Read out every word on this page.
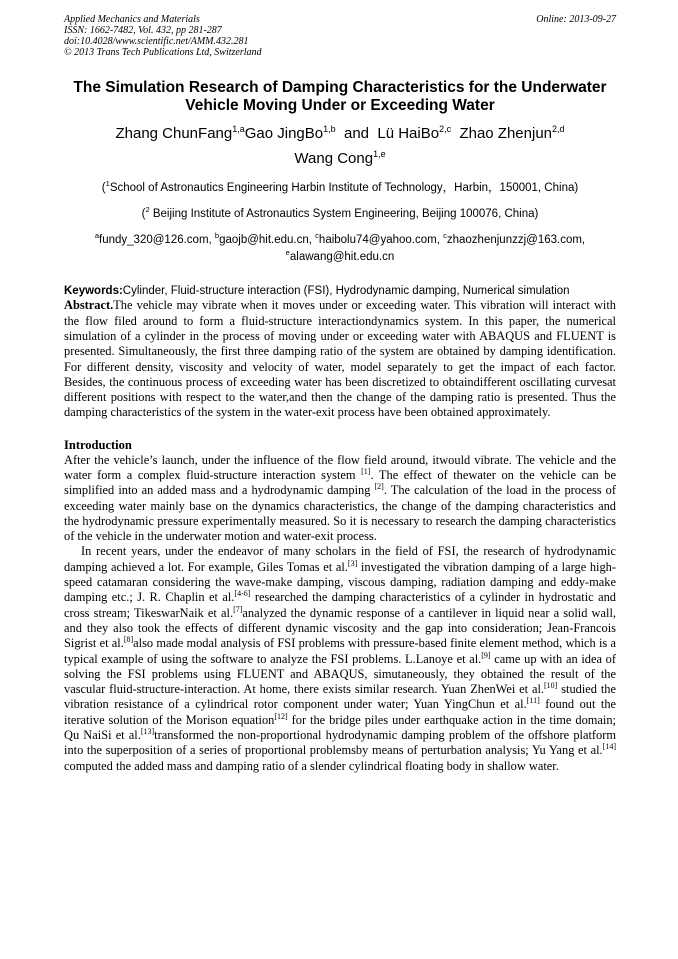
Applied Mechanics and Materials
ISSN: 1662-7482, Vol. 432, pp 281-287
doi:10.4028/www.scientific.net/AMM.432.281
© 2013 Trans Tech Publications Ltd, Switzerland
Online: 2013-09-27
The Simulation Research of Damping Characteristics for the Underwater
Vehicle Moving Under or Exceeding Water
Zhang ChunFang$^{1,a}$Gao JingBo$^{1,b}$ and Lü HaiBo$^{2,c}$ Zhao Zhenjun$^{2,d}$
Wang Cong$^{1,e}$
($^1$School of Astronautics Engineering Harbin Institute of Technology，Harbin，150001, China)
($^2$ Beijing Institute of Astronautics System Engineering, Beijing 100076, China)
$^a$fundy_320@126.com, $^b$gaojb@hit.edu.cn, $^c$haibolu74@yahoo.com, $^c$zhaozhenjunzzj@163.com,
$^e$alawang@hit.edu.cn
Keywords:Cylinder, Fluid-structure interaction (FSI), Hydrodynamic damping, Numerical simulation

Abstract.The vehicle may vibrate when it moves under or exceeding water. This vibration will interact with the flow filed around to form a fluid-structure interactiondynamics system. In this paper, the numerical simulation of a cylinder in the process of moving under or exceeding water with ABAQUS and FLUENT is presented. Simultaneously, the first three damping ratio of the system are obtained by damping identification. For different density, viscosity and velocity of water, model separately to get the impact of each factor. Besides, the continuous process of exceeding water has been discretized to obtaindifferent oscillating curvesat different positions with respect to the water,and then the change of the damping ratio is presented. Thus the damping characteristics of the system in the water-exit process have been obtained approximately.

Introduction

After the vehicle’s launch, under the influence of the flow field around, itwould vibrate. The vehicle and the water form a complex fluid-structure interaction system [1]. The effect of thewater on the vehicle can be simplified into an added mass and a hydrodynamic damping [2]. The calculation of the load in the process of exceeding water mainly base on the dynamics characteristics, the change of the damping characteristics and the hydrodynamic pressure experimentally measured. So it is necessary to research the damping characteristics of the vehicle in the underwater motion and water-exit process.

In recent years, under the endeavor of many scholars in the field of FSI, the research of hydrodynamic damping achieved a lot. For example, Giles Tomas et al.[3] investigated the vibration damping of a large high-speed catamaran considering the wave-make damping, viscous damping, radiation damping and eddy-make damping etc.; J. R. Chaplin et al.[4-6] researched the damping characteristics of a cylinder in hydrostatic and cross stream; TikeswarNaik et al.[7]analyzed the dynamic response of a cantilever in liquid near a solid wall, and they also took the effects of different dynamic viscosity and the gap into consideration; Jean-Francois Sigrist et al.[8]also made modal analysis of FSI problems with pressure-based finite element method, which is a typical example of using the software to analyze the FSI problems. L.Lanoye et al.[9] came up with an idea of solving the FSI problems using FLUENT and ABAQUS, simutaneously, they obtained the result of the vascular fluid-structure-interaction. At home, there exists similar research. Yuan ZhenWei et al.[10] studied the vibration resistance of a cylindrical rotor component under water; Yuan YingChun et al.[11] found out the iterative solution of the Morison equation[12] for the bridge piles under earthquake action in the time domain; Qu NaiSi et al.[13]transformed the non-proportional hydrodynamic damping problem of the offshore platform into the superposition of a series of proportional problemsby means of perturbation analysis; Yu Yang et al.[14] computed the added mass and damping ratio of a slender cylindrical floating body in shallow water.
